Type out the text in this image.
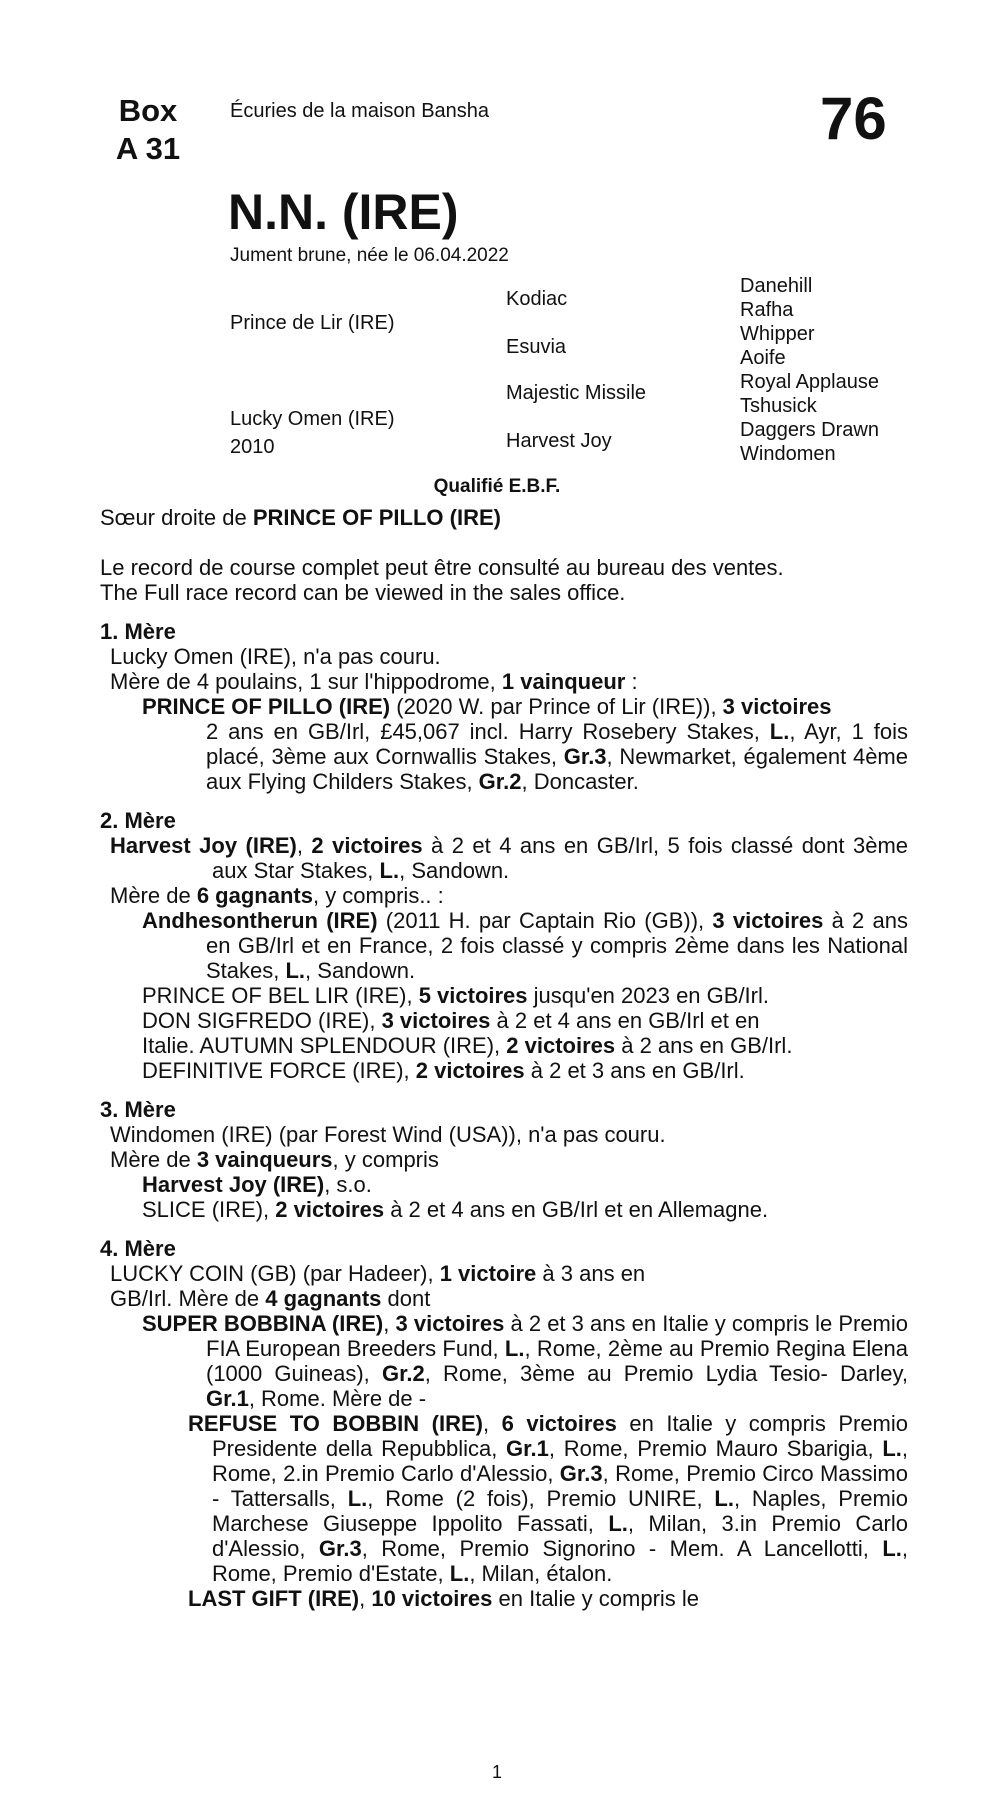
Box
A 31
Écuries de la maison Bansha	76
N.N. (IRE)
Jument brune, née le 06.04.2022
Prince de Lir (IRE)
Lucky Omen (IRE)
2010
Kodiac
Esuvia
Majestic Missile
Harvest Joy
Danehill
Rafha
Whipper
Aoife
Royal Applause
Tshusick
Daggers Drawn
Windomen
Qualifié E.B.F.

Sœur droite de PRINCE OF PILLO (IRE)

Le record de course complet peut être consulté au bureau des ventes.

The Full race record can be viewed in the sales office.

1. Mère

Lucky Omen (IRE), n'a pas couru.

Mère de 4 poulains, 1 sur l'hippodrome, 1 vainqueur :

PRINCE OF PILLO (IRE) (2020 W. par Prince of Lir (IRE)), 3 victoires

2 ans en GB/Irl, £45,067 incl. Harry Rosebery Stakes, L., Ayr, 1 fois placé, 3ème aux Cornwallis Stakes, Gr.3, Newmarket, également 4ème aux Flying Childers Stakes, Gr.2, Doncaster.

2. Mère

Harvest Joy (IRE), 2 victoires à 2 et 4 ans en GB/Irl, 5 fois classé dont 3ème aux Star Stakes, L., Sandown.

Mère de 6 gagnants, y compris.. :

Andhesontherun (IRE) (2011 H. par Captain Rio (GB)), 3 victoires à 2 ans en GB/Irl et en France, 2 fois classé y compris 2ème dans les National Stakes, L., Sandown.

PRINCE OF BEL LIR (IRE), 5 victoires jusqu'en 2023 en GB/Irl.

DON SIGFREDO (IRE), 3 victoires à 2 et 4 ans en GB/Irl et en

Italie. AUTUMN SPLENDOUR (IRE), 2 victoires à 2 ans en GB/Irl.

DEFINITIVE FORCE (IRE), 2 victoires à 2 et 3 ans en GB/Irl.

3. Mère

Windomen (IRE) (par Forest Wind (USA)), n'a pas couru.

Mère de 3 vainqueurs, y compris

Harvest Joy (IRE), s.o.

SLICE (IRE), 2 victoires à 2 et 4 ans en GB/Irl et en Allemagne.

4. Mère

LUCKY COIN (GB) (par Hadeer), 1 victoire à 3 ans en

GB/Irl. Mère de 4 gagnants dont

SUPER BOBBINA (IRE), 3 victoires à 2 et 3 ans en Italie y compris le Premio FIA European Breeders Fund, L., Rome, 2ème au Premio Regina Elena (1000 Guineas), Gr.2, Rome, 3ème au Premio Lydia Tesio- Darley, Gr.1, Rome. Mère de -

REFUSE TO BOBBIN (IRE), 6 victoires en Italie y compris Premio Presidente della Repubblica, Gr.1, Rome, Premio Mauro Sbarigia, L., Rome, 2.in Premio Carlo d'Alessio, Gr.3, Rome, Premio Circo Massimo - Tattersalls, L., Rome (2 fois), Premio UNIRE, L., Naples, Premio Marchese Giuseppe Ippolito Fassati, L., Milan, 3.in Premio Carlo d'Alessio, Gr.3, Rome, Premio Signorino - Mem. A Lancellotti, L., Rome, Premio d'Estate, L., Milan, étalon.

LAST GIFT (IRE), 10 victoires en Italie y compris le

1
